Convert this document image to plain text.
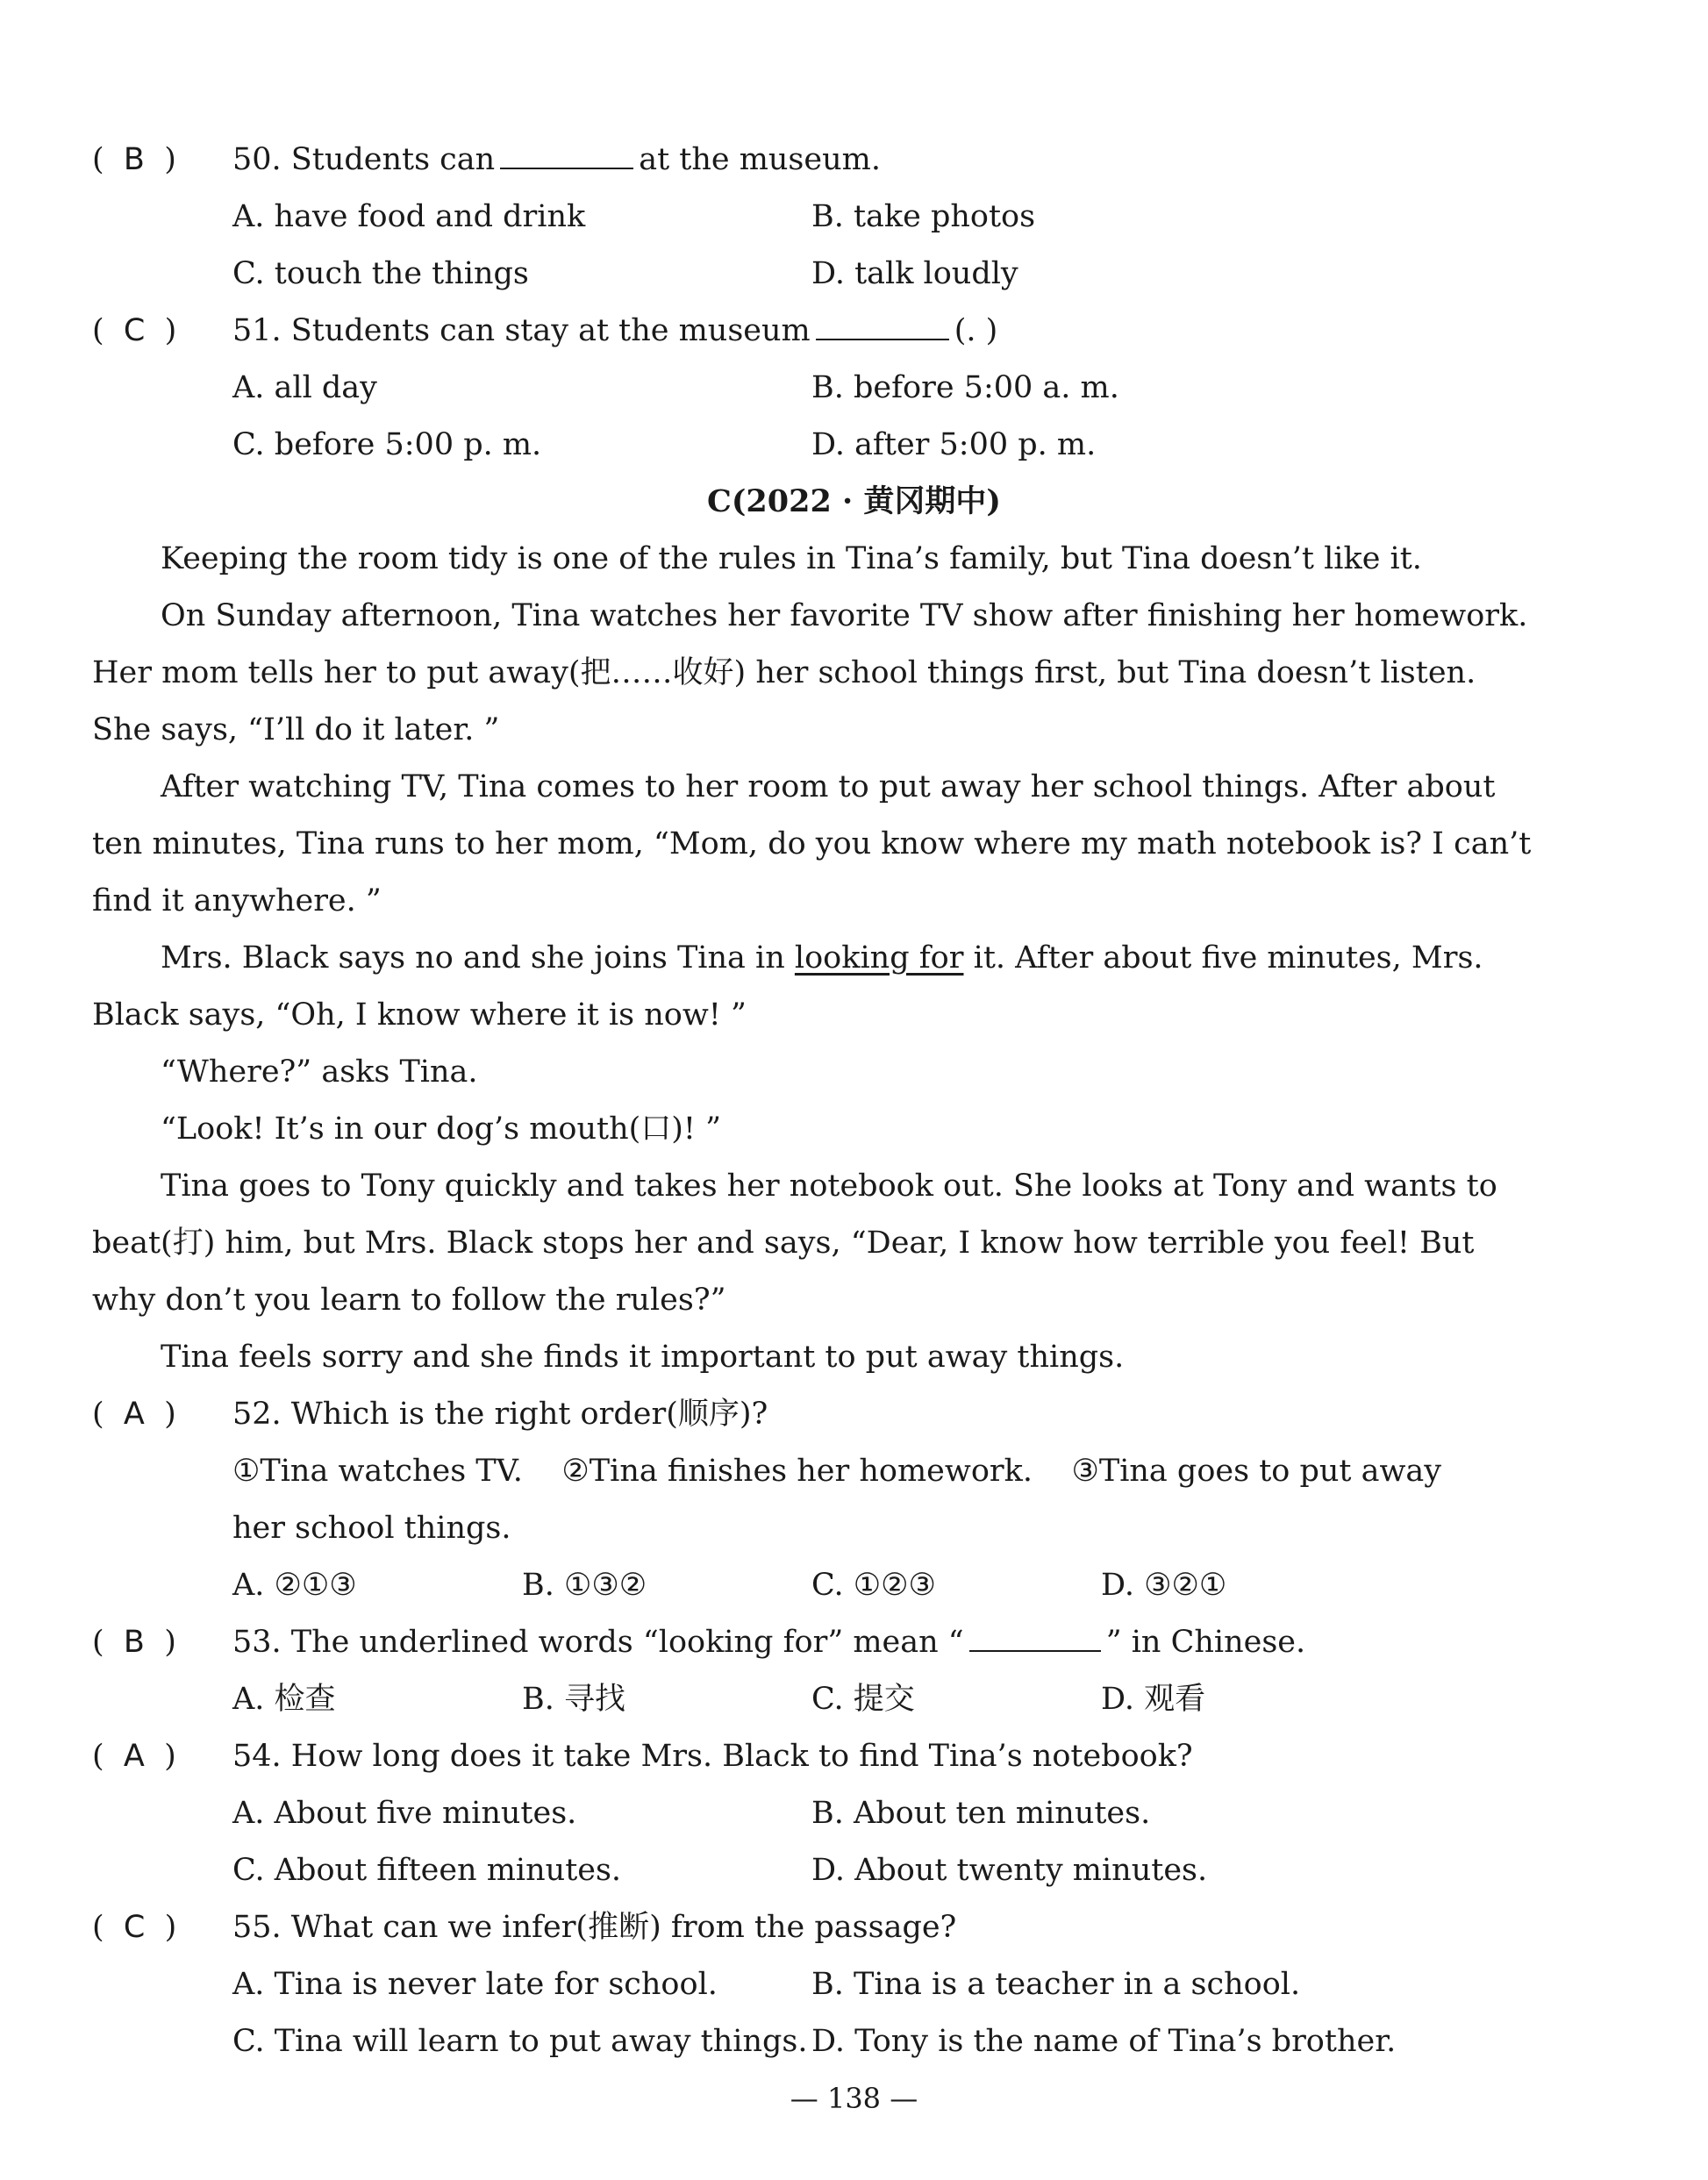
( B ) 50. Students can	at the museum.
A. have food and drink	B. take photos
C. touch the things	D. talk loudly
( C ) 51. Students can stay at the museum	(. )
A. all day	B. before 5:00 a. m.
C. before 5:00 p. m.	D. after 5:00 p. m.
C(2022 · 黄冈期中)
Keeping the room tidy is one of the rules in Tina’s family, but Tina doesn’t like it.
On Sunday afternoon, Tina watches her favorite TV show after finishing her homework.
Her mom tells her to put away(把……收好) her school things first, but Tina doesn’t listen.
She says, “I’ll do it later. ”
After watching TV, Tina comes to her room to put away her school things. After about
ten minutes, Tina runs to her mom, “Mom, do you know where my math notebook is? I can’t
find it anywhere. ”
Mrs. Black says no and she joins Tina in looking for it. After about five minutes, Mrs.
Black says, “Oh, I know where it is now! ”
“Where?” asks Tina.
“Look! It’s in our dog’s mouth(口)! ”
Tina goes to Tony quickly and takes her notebook out. She looks at Tony and wants to
beat(打) him, but Mrs. Black stops her and says, “Dear, I know how terrible you feel! But
why don’t you learn to follow the rules?”
Tina feels sorry and she finds it important to put away things.
( A ) 52. Which is the right order(顺序)?
①Tina watches TV.    ②Tina finishes her homework.    ③Tina goes to put away
her school things.
A. ②①③	B. ①③②	C. ①②③	D. ③②①
( B ) 53. The underlined words “looking for” mean “	” in Chinese.
A. 检查	B. 寻找	C. 提交	D. 观看
( A ) 54. How long does it take Mrs. Black to find Tina’s notebook?
A. About five minutes.	B. About ten minutes.
C. About fifteen minutes.	D. About twenty minutes.
( C ) 55. What can we infer(推断) from the passage?
A. Tina is never late for school.	B. Tina is a teacher in a school.
C. Tina will learn to put away things. D. Tony is the name of Tina’s brother.
— 138 —
